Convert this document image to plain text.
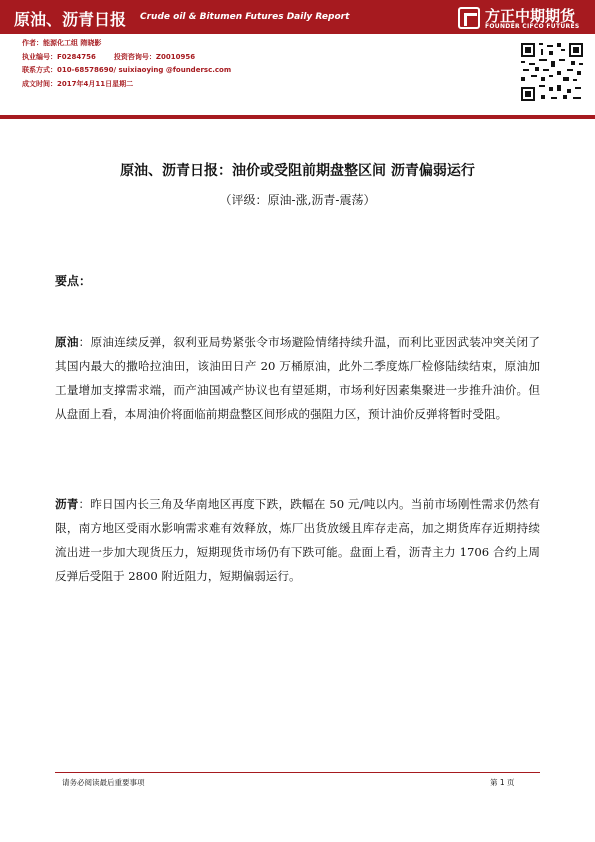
原油、沥青日报 Crude oil & Bitumen Futures Daily Report	方正中期期货
FOUNDER CIFCO FUTURES
作者：能源化工组 隋晓影
执业编号：F0284756	投资咨询号：Z0010956
联系方式：010-68578690/ suixiaoying @foundersc.com
成文时间：2017年4月11日星期二
原油、沥青日报：油价或受阻前期盘整区间 沥青偏弱运行
（评级：原油-涨,沥青-震荡）
要点：

原油：原油连续反弹，叙利亚局势紧张令市场避险情绪持续升温，而利比亚因武装冲突关闭了其国内最大的撒哈拉油田，该油田日产 20 万桶原油，此外二季度炼厂检修陆续结束，原油加工量增加支撑需求端，而产油国减产协议也有望延期，市场利好因素集聚进一步推升油价。但从盘面上看，本周油价将面临前期盘整区间形成的强阻力区，预计油价反弹将暂时受阻。

沥青：昨日国内长三角及华南地区再度下跌，跌幅在 50 元/吨以内。当前市场刚性需求仍然有限，南方地区受雨水影响需求难有效释放，炼厂出货放缓且库存走高，加之期货库存近期持续流出进一步加大现货压力，短期现货市场仍有下跌可能。盘面上看，沥青主力 1706 合约上周反弹后受阻于 2800 附近阻力，短期偏弱运行。

请务必阅读最后重要事项	第 1 页
